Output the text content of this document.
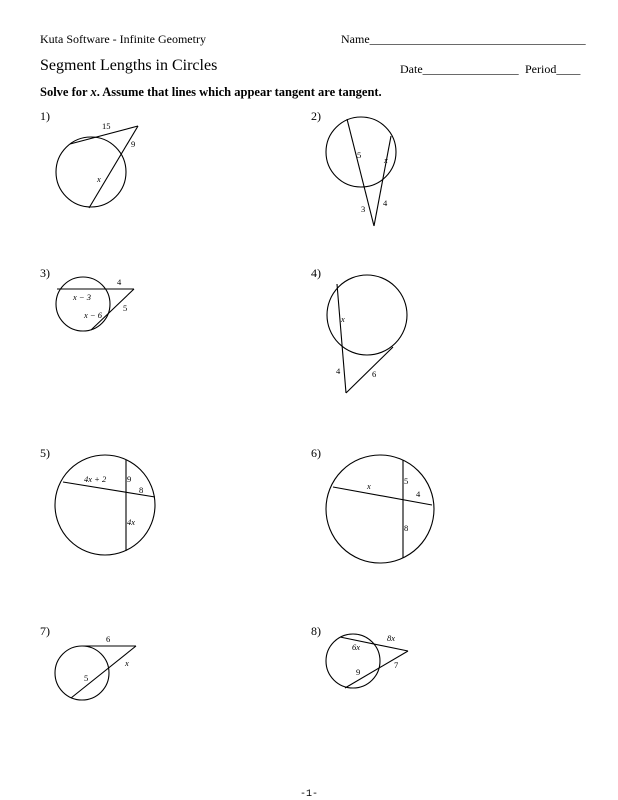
Kuta Software - Infinite Geometry	Name____________________________________
Segment Lengths in Circles	Date________________ Period____
Solve for x. Assume that lines which appear tangent are tangent.
1)	2)
3)	4)
5)	6)
7)	8)
15
9
x
5	x
3
4
4
x − 3
5
x − 6	x
4	6
4x + 2 9
8
4x
x	5
4
8
6
x
5
8x
6x
7
9
-1-
